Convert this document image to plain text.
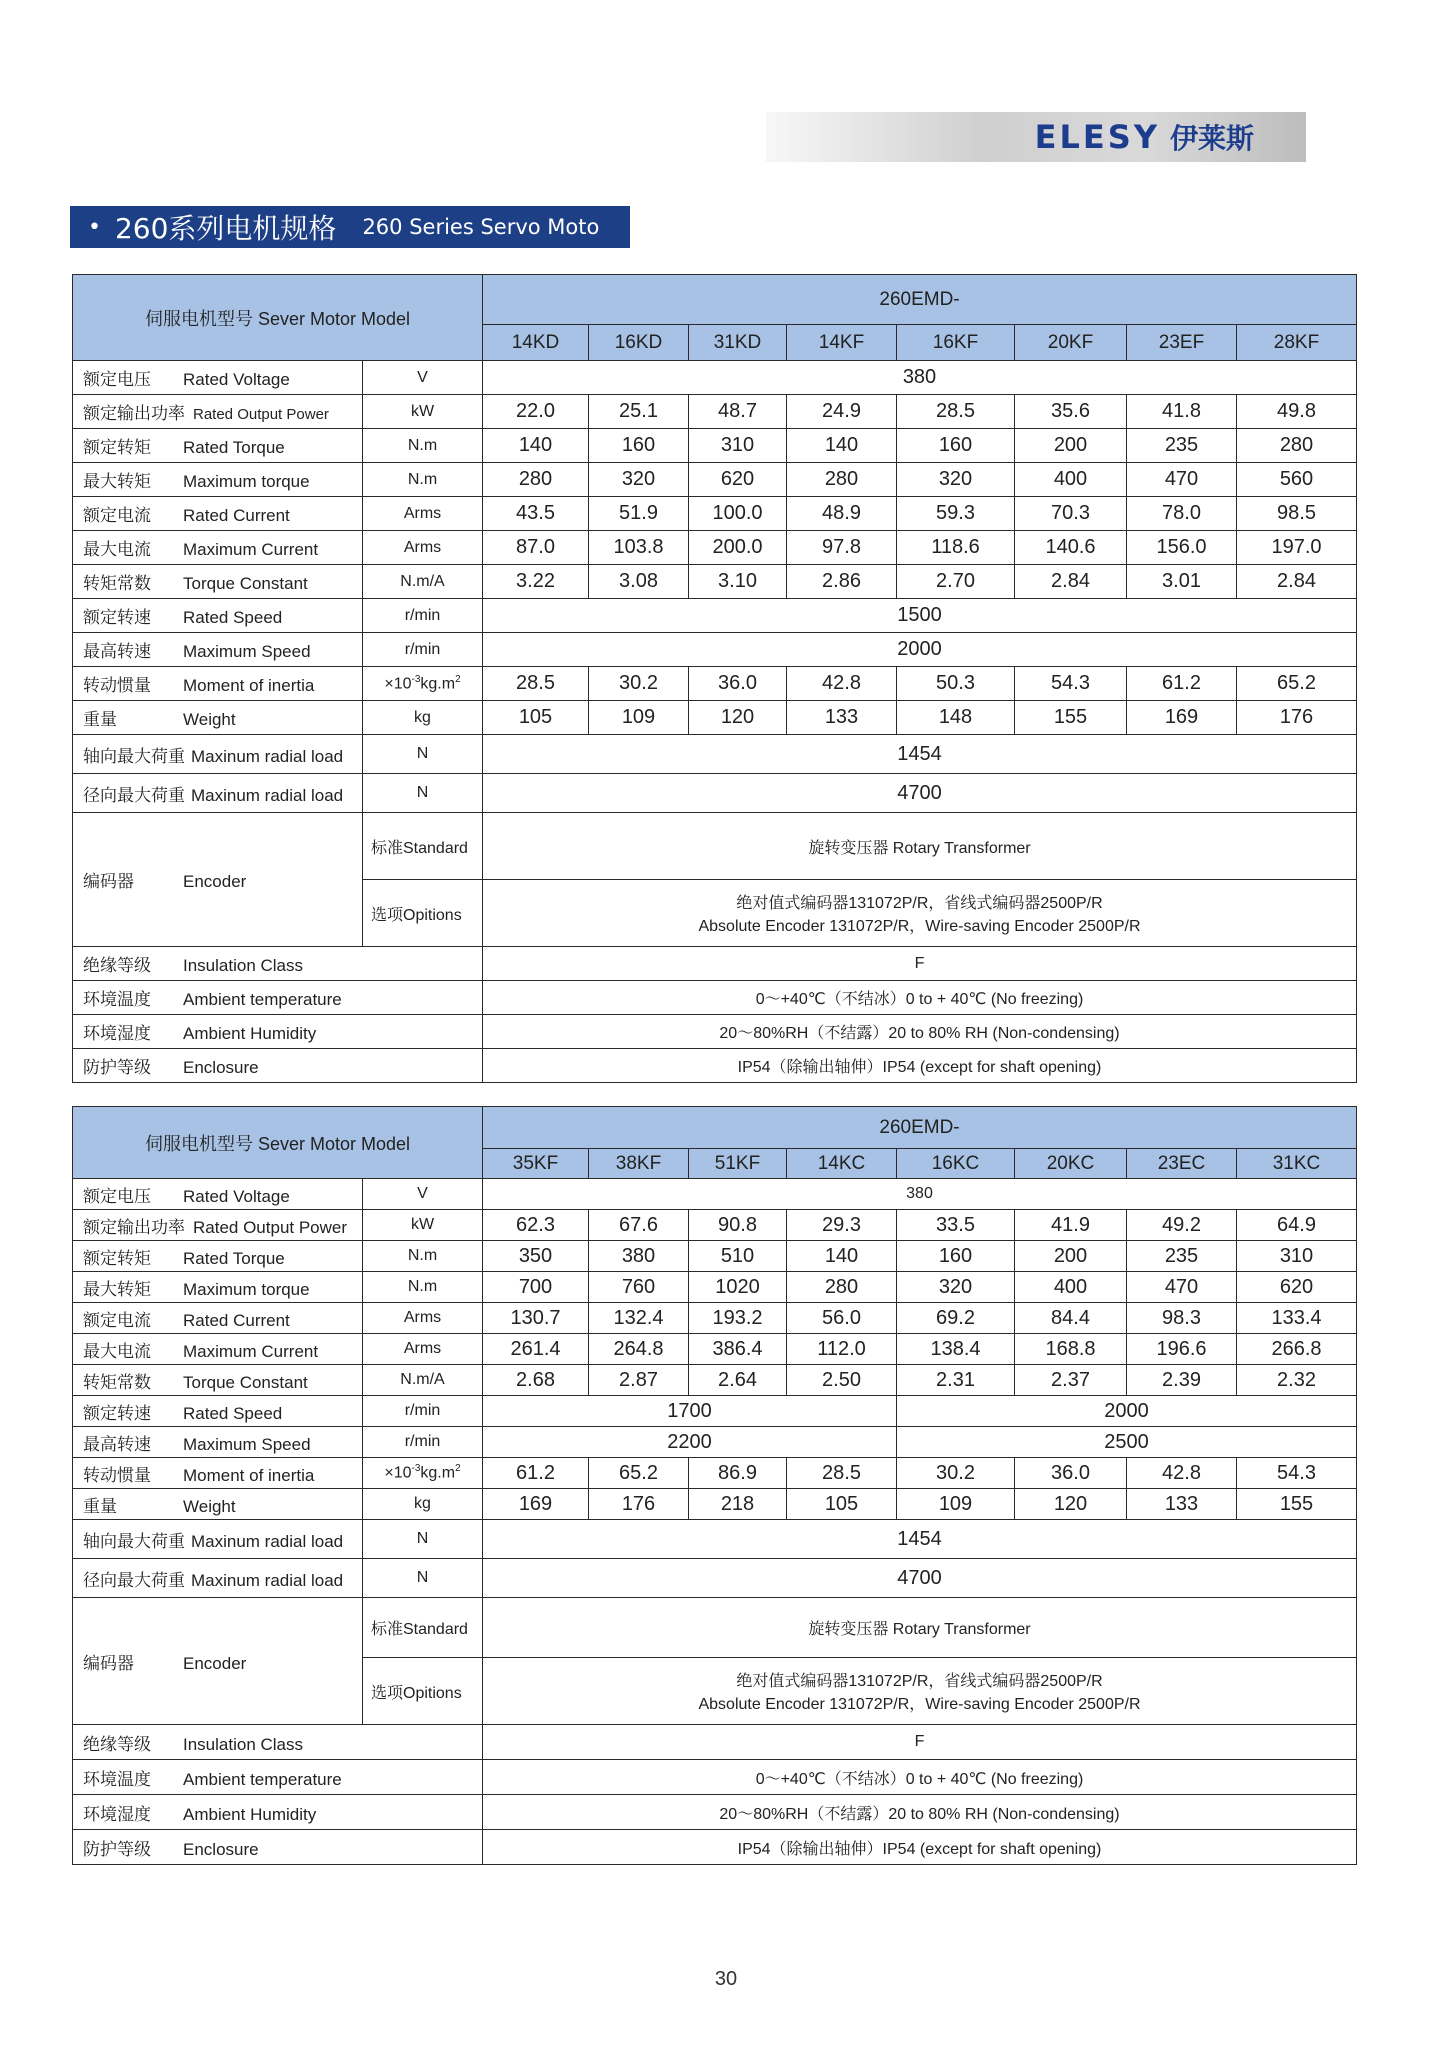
ELESY 伊莱斯
• 260系列电机规格 260 Series Servo Moto
伺服电机型号 Sever Motor Model		260EMD-							
		14KD	16KD	31KD	14KF	16KF	20KF	23EF	28KF
额定电压 Rated Voltage	V	380							
额定输出功率 Rated Output Power	kW	22.0	25.1	48.7	24.9	28.5	35.6	41.8	49.8
额定转矩 Rated Torque	N.m	140	160	310	140	160	200	235	280
最大转矩 Maximum torque	N.m	280	320	620	280	320	400	470	560
额定电流 Rated Current	Arms	43.5	51.9	100.0	48.9	59.3	70.3	78.0	98.5
最大电流 Maximum Current	Arms	87.0	103.8	200.0	97.8	118.6	140.6	156.0	197.0
转矩常数 Torque Constant	N.m/A	3.22	3.08	3.10	2.86	2.70	2.84	3.01	2.84
额定转速 Rated Speed	r/min	1500							
最高转速 Maximum Speed	r/min	2000							
转动惯量 Moment of inertia	$\times 10^{-3}kg.m^2$	28.5	30.2	36.0	42.8	50.3	54.3	61.2	65.2
重量 Weight	kg	105	109	120	133	148	155	169	176
轴向最大荷重 Maxinum radial load	N	1454							
径向最大荷重 Maxinum radial load	N	4700							
编码器 Encoder	标准Standard	旋转变压器 Rotary Transformer							
	选项Opitions	绝对值式编码器131072P/R，省线式编码器2500P/R
Absolute Encoder 131072P/R，Wire-saving Encoder 2500P/R							

绝缘等级 Insulation Class		F							
环境温度 Ambient temperature		0～+40℃（不结冰）0 to + 40℃ (No freezing)							
环境湿度 Ambient Humidity		20～80%RH（不结露）20 to 80% RH (Non-condensing)							
防护等级 Enclosure		IP54（除输出轴伸）IP54 (except for shaft opening)							
伺服电机型号 Sever Motor Model		260EMD-							
		35KF	38KF	51KF	14KC	16KC	20KC	23EC	31KC
额定电压 Rated Voltage	V	380							
额定输出功率 Rated Output Power	kW	62.3	67.6	90.8	29.3	33.5	41.9	49.2	64.9
额定转矩 Rated Torque	N.m	350	380	510	140	160	200	235	310
最大转矩 Maximum torque	N.m	700	760	1020	280	320	400	470	620
额定电流 Rated Current	Arms	130.7	132.4	193.2	56.0	69.2	84.4	98.3	133.4
最大电流 Maximum Current	Arms	261.4	264.8	386.4	112.0	138.4	168.8	196.6	266.8
转矩常数 Torque Constant	N.m/A	2.68	2.87	2.64	2.50	2.31	2.37	2.39	2.32
额定转速 Rated Speed	r/min	1700				2000			
最高转速 Maximum Speed	r/min	2200				2500			
转动惯量 Moment of inertia	$\times 10^{-3}kg.m^2$	61.2	65.2	86.9	28.5	30.2	36.0	42.8	54.3
重量 Weight	kg	169	176	218	105	109	120	133	155
轴向最大荷重 Maxinum radial load	N	1454							
径向最大荷重 Maxinum radial load	N	4700							
编码器 Encoder	标准Standard	旋转变压器 Rotary Transformer							
	选项Opitions	绝对值式编码器131072P/R，省线式编码器2500P/R
Absolute Encoder 131072P/R，Wire-saving Encoder 2500P/R							

绝缘等级 Insulation Class		F							
环境温度 Ambient temperature		0～+40℃（不结冰）0 to + 40℃ (No freezing)							
环境湿度 Ambient Humidity		20～80%RH（不结露）20 to 80% RH (Non-condensing)							
防护等级 Enclosure		IP54（除输出轴伸）IP54 (except for shaft opening)							
30
